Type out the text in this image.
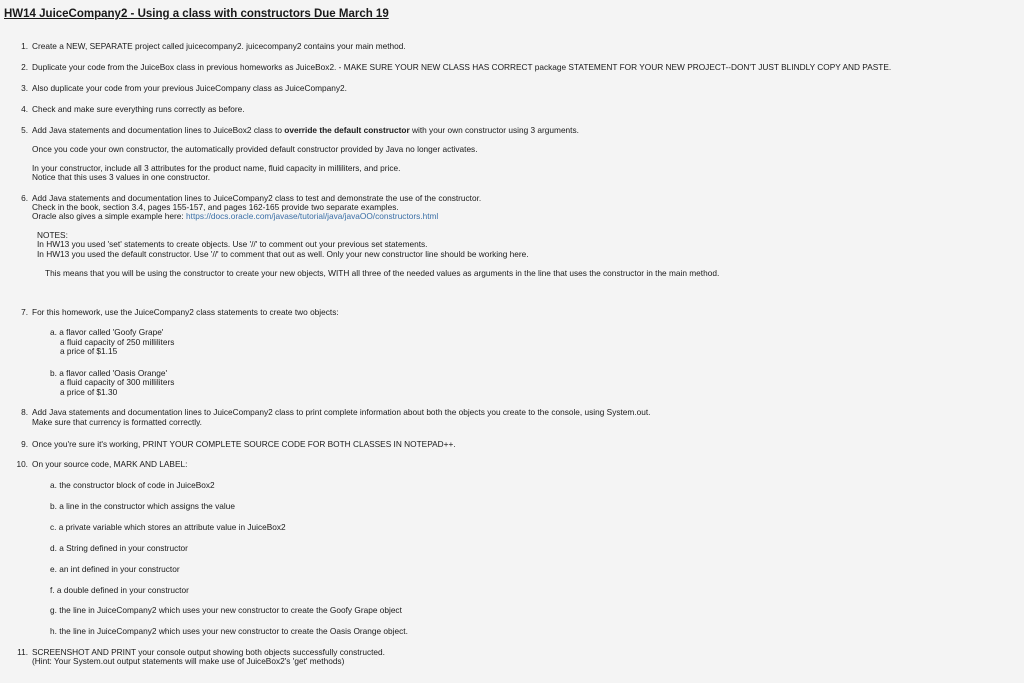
HW14 JuiceCompany2 - Using a class with constructors Due March 19
1. Create a NEW, SEPARATE project called juicecompany2. juicecompany2 contains your main method.
2. Duplicate your code from the JuiceBox class in previous homeworks as JuiceBox2. - MAKE SURE YOUR NEW CLASS HAS CORRECT package STATEMENT FOR YOUR NEW PROJECT--DON'T JUST BLINDLY COPY AND PASTE.
3. Also duplicate your code from your previous JuiceCompany class as JuiceCompany2.
4. Check and make sure everything runs correctly as before.
5. Add Java statements and documentation lines to JuiceBox2 class to override the default constructor with your own constructor using 3 arguments.
Once you code your own constructor, the automatically provided default constructor provided by Java no longer activates.
In your constructor, include all 3 attributes for the product name, fluid capacity in milliliters, and price.
Notice that this uses 3 values in one constructor.
6. Add Java statements and documentation lines to JuiceCompany2 class to test and demonstrate the use of the constructor.
Check in the book, section 3.4, pages 155-157, and pages 162-165 provide two separate examples.
Oracle also gives a simple example here: https://docs.oracle.com/javase/tutorial/java/javaOO/constructors.html
NOTES:
In HW13 you used 'set' statements to create objects. Use '//' to comment out your previous set statements.
In HW13 you used the default constructor. Use '//' to comment that out as well. Only your new constructor line should be working here.
This means that you will be using the constructor to create your new objects, WITH all three of the needed values as arguments in the line that uses the constructor in the main method.
7. For this homework, use the JuiceCompany2 class statements to create two objects:
a. a flavor called 'Goofy Grape'
a fluid capacity of 250 milliliters
a price of $1.15
b. a flavor called 'Oasis Orange'
a fluid capacity of 300 milliliters
a price of $1.30
8. Add Java statements and documentation lines to JuiceCompany2 class to print complete information about both the objects you create to the console, using System.out.
Make sure that currency is formatted correctly.
9. Once you're sure it's working, PRINT YOUR COMPLETE SOURCE CODE FOR BOTH CLASSES IN NOTEPAD++.
10. On your source code, MARK AND LABEL:
a. the constructor block of code in JuiceBox2
b. a line in the constructor which assigns the value
c. a private variable which stores an attribute value in JuiceBox2
d. a String defined in your constructor
e. an int defined in your constructor
f. a double defined in your constructor
g. the line in JuiceCompany2 which uses your new constructor to create the Goofy Grape object
h. the line in JuiceCompany2 which uses your new constructor to create the Oasis Orange object.
11. SCREENSHOT AND PRINT your console output showing both objects successfully constructed.
(Hint: Your System.out output statements will make use of JuiceBox2's 'get' methods)
